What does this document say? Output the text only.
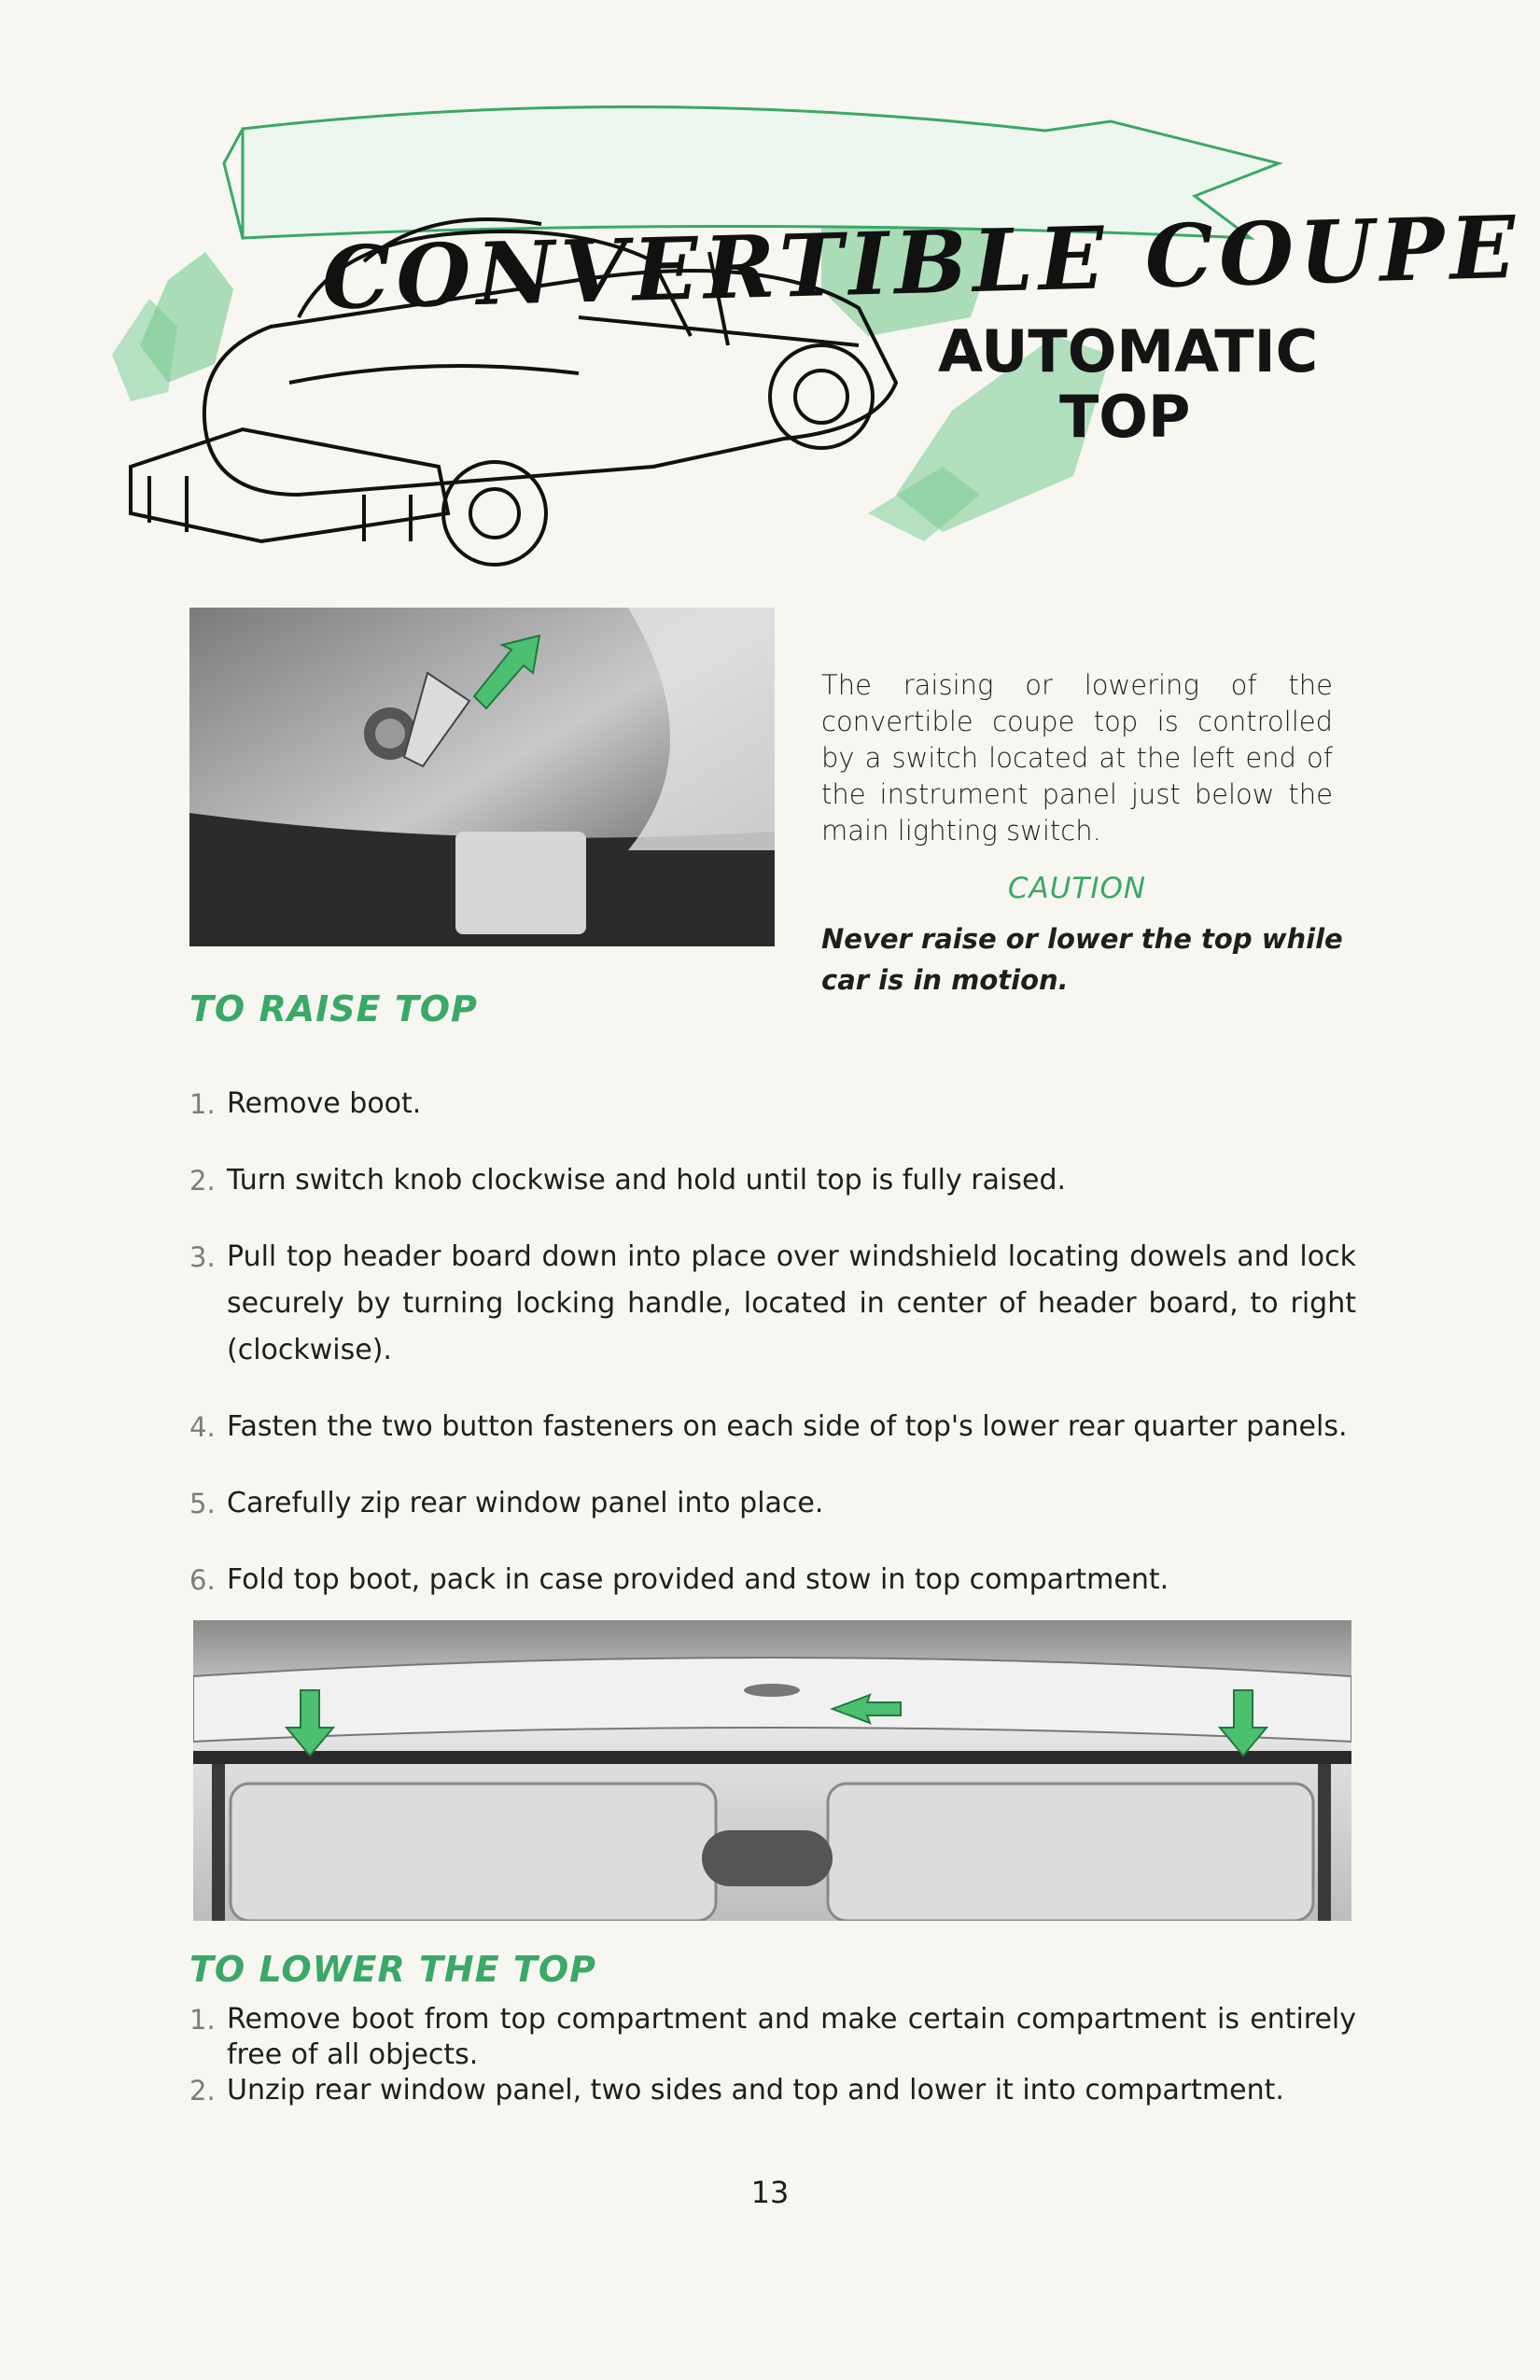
CONVERTIBLE COUPE
AUTOMATIC
TOP
The raising or lowering of the convertible coupe top is controlled by a switch located at the left end of the instrument panel just below the main lighting switch.
CAUTION
Never raise or lower the top while car is in motion.
TO RAISE TOP
1. Remove boot.
2. Turn switch knob clockwise and hold until top is fully raised.
3. Pull top header board down into place over windshield locating dowels and lock securely by turning locking handle, located in center of header board, to right (clockwise).
4. Fasten the two button fasteners on each side of top's lower rear quarter panels.
5. Carefully zip rear window panel into place.
6. Fold top boot, pack in case provided and stow in top compartment.
TO LOWER THE TOP
1. Remove boot from top compartment and make certain compartment is entirely free of all objects.
2. Unzip rear window panel, two sides and top and lower it into compartment.
13
